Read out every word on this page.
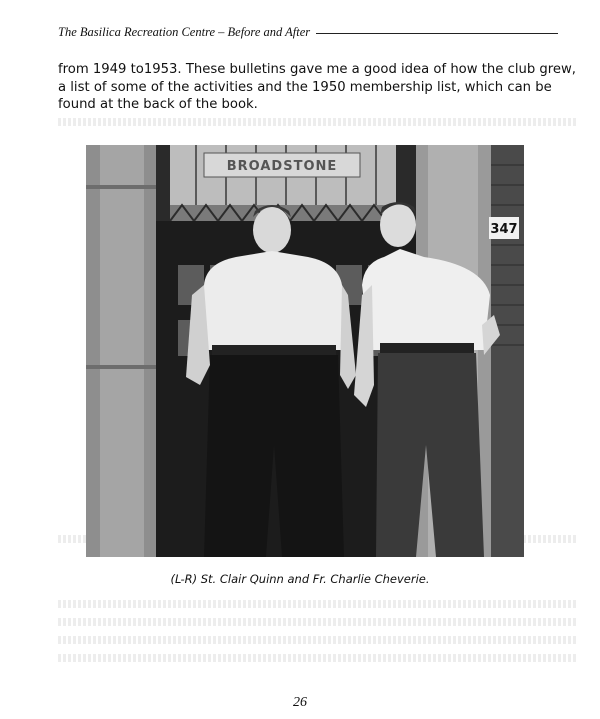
The Basilica Recreation Centre – Before and After
from 1949 to1953. These bulletins gave me a good idea of how the club grew, a list of some of the activities and the 1950 membership list, which can be found at the back of the book.
347
BROADSTONE
(L-R) St. Clair Quinn and Fr. Charlie Cheverie.
26
